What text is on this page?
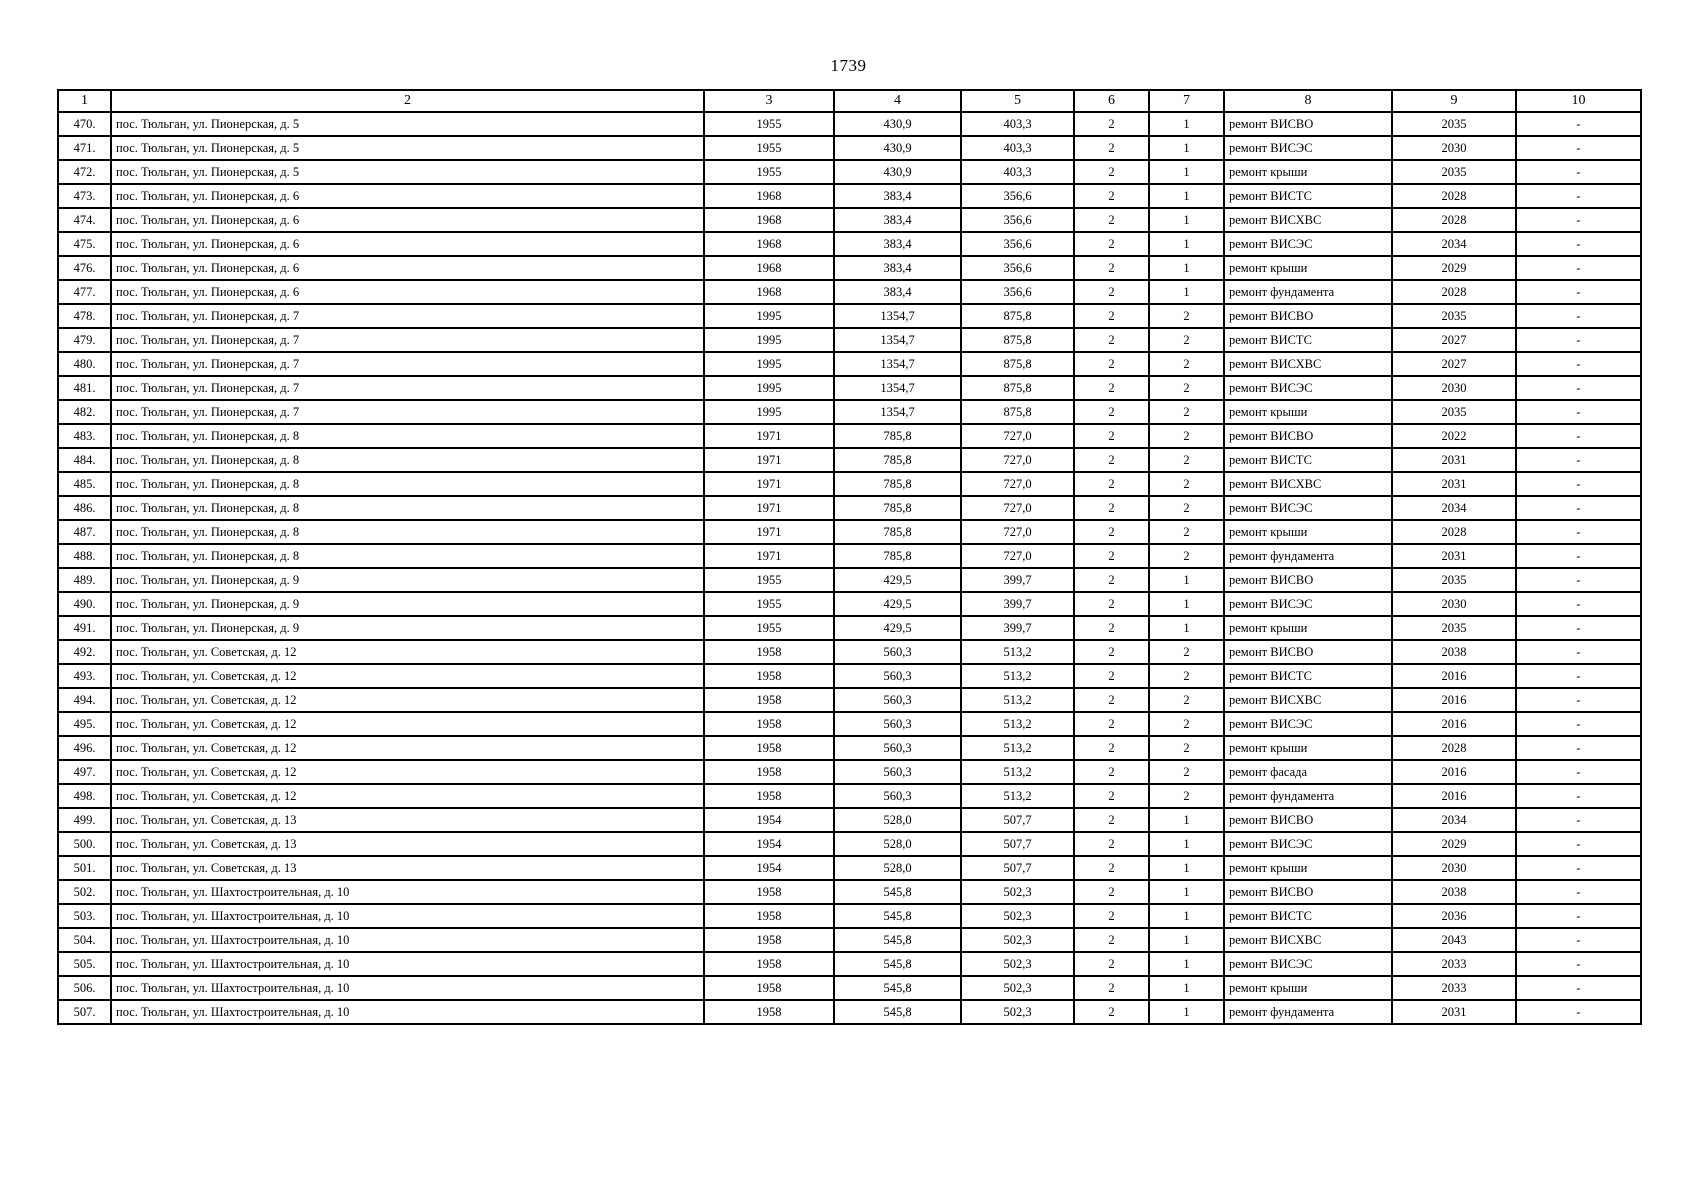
1739
1	2	3	4	5	6	7	8	9	10
470.	пос. Тюльган, ул. Пионерская, д. 5	1955	430,9	403,3	2	1	ремонт ВИСВО	2035	-
471.	пос. Тюльган, ул. Пионерская, д. 5	1955	430,9	403,3	2	1	ремонт ВИСЭС	2030	-
472.	пос. Тюльган, ул. Пионерская, д. 5	1955	430,9	403,3	2	1	ремонт крыши	2035	-
473.	пос. Тюльган, ул. Пионерская, д. 6	1968	383,4	356,6	2	1	ремонт ВИСТС	2028	-
474.	пос. Тюльган, ул. Пионерская, д. 6	1968	383,4	356,6	2	1	ремонт ВИСХВС	2028	-
475.	пос. Тюльган, ул. Пионерская, д. 6	1968	383,4	356,6	2	1	ремонт ВИСЭС	2034	-
476.	пос. Тюльган, ул. Пионерская, д. 6	1968	383,4	356,6	2	1	ремонт крыши	2029	-
477.	пос. Тюльган, ул. Пионерская, д. 6	1968	383,4	356,6	2	1	ремонт фундамента	2028	-
478.	пос. Тюльган, ул. Пионерская, д. 7	1995	1354,7	875,8	2	2	ремонт ВИСВО	2035	-
479.	пос. Тюльган, ул. Пионерская, д. 7	1995	1354,7	875,8	2	2	ремонт ВИСТС	2027	-
480.	пос. Тюльган, ул. Пионерская, д. 7	1995	1354,7	875,8	2	2	ремонт ВИСХВС	2027	-
481.	пос. Тюльган, ул. Пионерская, д. 7	1995	1354,7	875,8	2	2	ремонт ВИСЭС	2030	-
482.	пос. Тюльган, ул. Пионерская, д. 7	1995	1354,7	875,8	2	2	ремонт крыши	2035	-
483.	пос. Тюльган, ул. Пионерская, д. 8	1971	785,8	727,0	2	2	ремонт ВИСВО	2022	-
484.	пос. Тюльган, ул. Пионерская, д. 8	1971	785,8	727,0	2	2	ремонт ВИСТС	2031	-
485.	пос. Тюльган, ул. Пионерская, д. 8	1971	785,8	727,0	2	2	ремонт ВИСХВС	2031	-
486.	пос. Тюльган, ул. Пионерская, д. 8	1971	785,8	727,0	2	2	ремонт ВИСЭС	2034	-
487.	пос. Тюльган, ул. Пионерская, д. 8	1971	785,8	727,0	2	2	ремонт крыши	2028	-
488.	пос. Тюльган, ул. Пионерская, д. 8	1971	785,8	727,0	2	2	ремонт фундамента	2031	-
489.	пос. Тюльган, ул. Пионерская, д. 9	1955	429,5	399,7	2	1	ремонт ВИСВО	2035	-
490.	пос. Тюльган, ул. Пионерская, д. 9	1955	429,5	399,7	2	1	ремонт ВИСЭС	2030	-
491.	пос. Тюльган, ул. Пионерская, д. 9	1955	429,5	399,7	2	1	ремонт крыши	2035	-
492.	пос. Тюльган, ул. Советская, д. 12	1958	560,3	513,2	2	2	ремонт ВИСВО	2038	-
493.	пос. Тюльган, ул. Советская, д. 12	1958	560,3	513,2	2	2	ремонт ВИСТС	2016	-
494.	пос. Тюльган, ул. Советская, д. 12	1958	560,3	513,2	2	2	ремонт ВИСХВС	2016	-
495.	пос. Тюльган, ул. Советская, д. 12	1958	560,3	513,2	2	2	ремонт ВИСЭС	2016	-
496.	пос. Тюльган, ул. Советская, д. 12	1958	560,3	513,2	2	2	ремонт крыши	2028	-
497.	пос. Тюльган, ул. Советская, д. 12	1958	560,3	513,2	2	2	ремонт фасада	2016	-
498.	пос. Тюльган, ул. Советская, д. 12	1958	560,3	513,2	2	2	ремонт фундамента	2016	-
499.	пос. Тюльган, ул. Советская, д. 13	1954	528,0	507,7	2	1	ремонт ВИСВО	2034	-
500.	пос. Тюльган, ул. Советская, д. 13	1954	528,0	507,7	2	1	ремонт ВИСЭС	2029	-
501.	пос. Тюльган, ул. Советская, д. 13	1954	528,0	507,7	2	1	ремонт крыши	2030	-
502.	пос. Тюльган, ул. Шахтостроительная, д. 10	1958	545,8	502,3	2	1	ремонт ВИСВО	2038	-
503.	пос. Тюльган, ул. Шахтостроительная, д. 10	1958	545,8	502,3	2	1	ремонт ВИСТС	2036	-
504.	пос. Тюльган, ул. Шахтостроительная, д. 10	1958	545,8	502,3	2	1	ремонт ВИСХВС	2043	-
505.	пос. Тюльган, ул. Шахтостроительная, д. 10	1958	545,8	502,3	2	1	ремонт ВИСЭС	2033	-
506.	пос. Тюльган, ул. Шахтостроительная, д. 10	1958	545,8	502,3	2	1	ремонт крыши	2033	-
507.	пос. Тюльган, ул. Шахтостроительная, д. 10	1958	545,8	502,3	2	1	ремонт фундамента	2031	-
